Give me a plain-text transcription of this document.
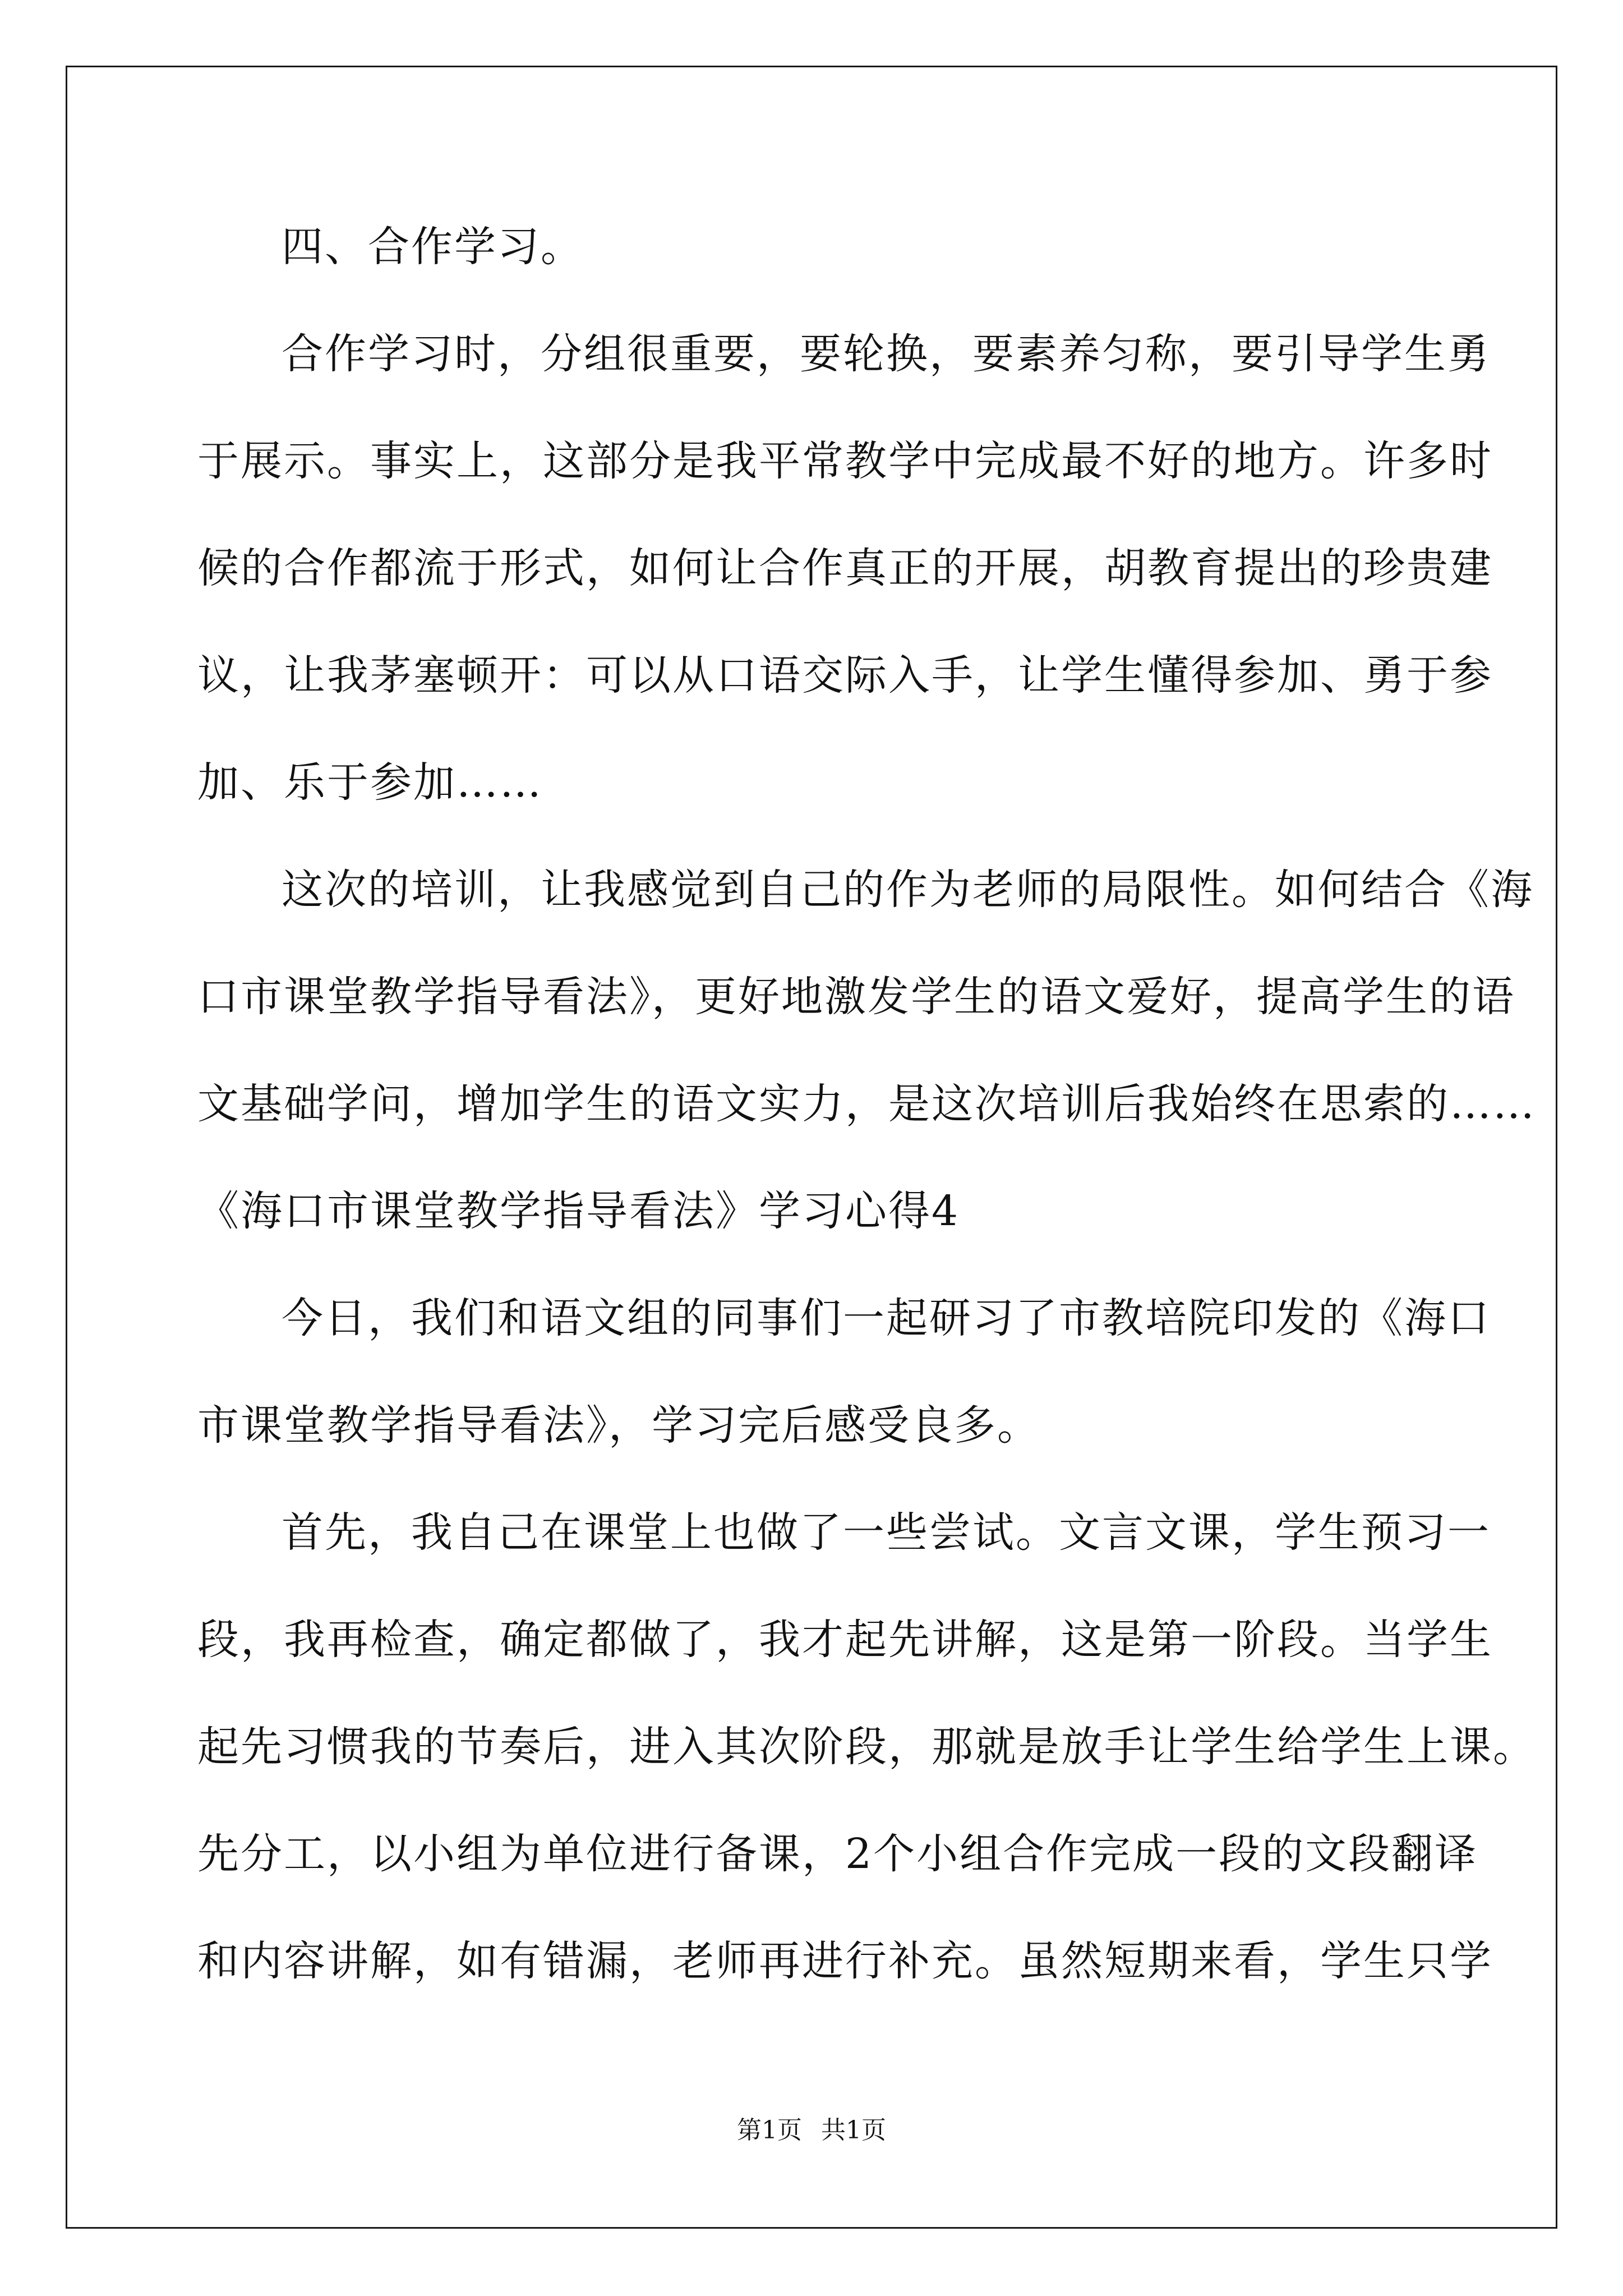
四、合作学习。
合作学习时，分组很重要，要轮换，要素养匀称，要引导学生勇
于展示。事实上，这部分是我平常教学中完成最不好的地方。许多时
候的合作都流于形式，如何让合作真正的开展，胡教育提出的珍贵建
议，让我茅塞顿开：可以从口语交际入手，让学生懂得参加、勇于参
加、乐于参加……
这次的培训，让我感觉到自己的作为老师的局限性。如何结合《海
口市课堂教学指导看法》，更好地激发学生的语文爱好，提高学生的语
文基础学问，增加学生的语文实力，是这次培训后我始终在思索的……
《海口市课堂教学指导看法》学习心得4
今日，我们和语文组的同事们一起研习了市教培院印发的《海口
市课堂教学指导看法》，学习完后感受良多。
首先，我自己在课堂上也做了一些尝试。文言文课，学生预习一
段，我再检查，确定都做了，我才起先讲解，这是第一阶段。当学生
起先习惯我的节奏后，进入其次阶段，那就是放手让学生给学生上课。
先分工，以小组为单位进行备课，2个小组合作完成一段的文段翻译
和内容讲解，如有错漏，老师再进行补充。虽然短期来看，学生只学
第1页 共1页
